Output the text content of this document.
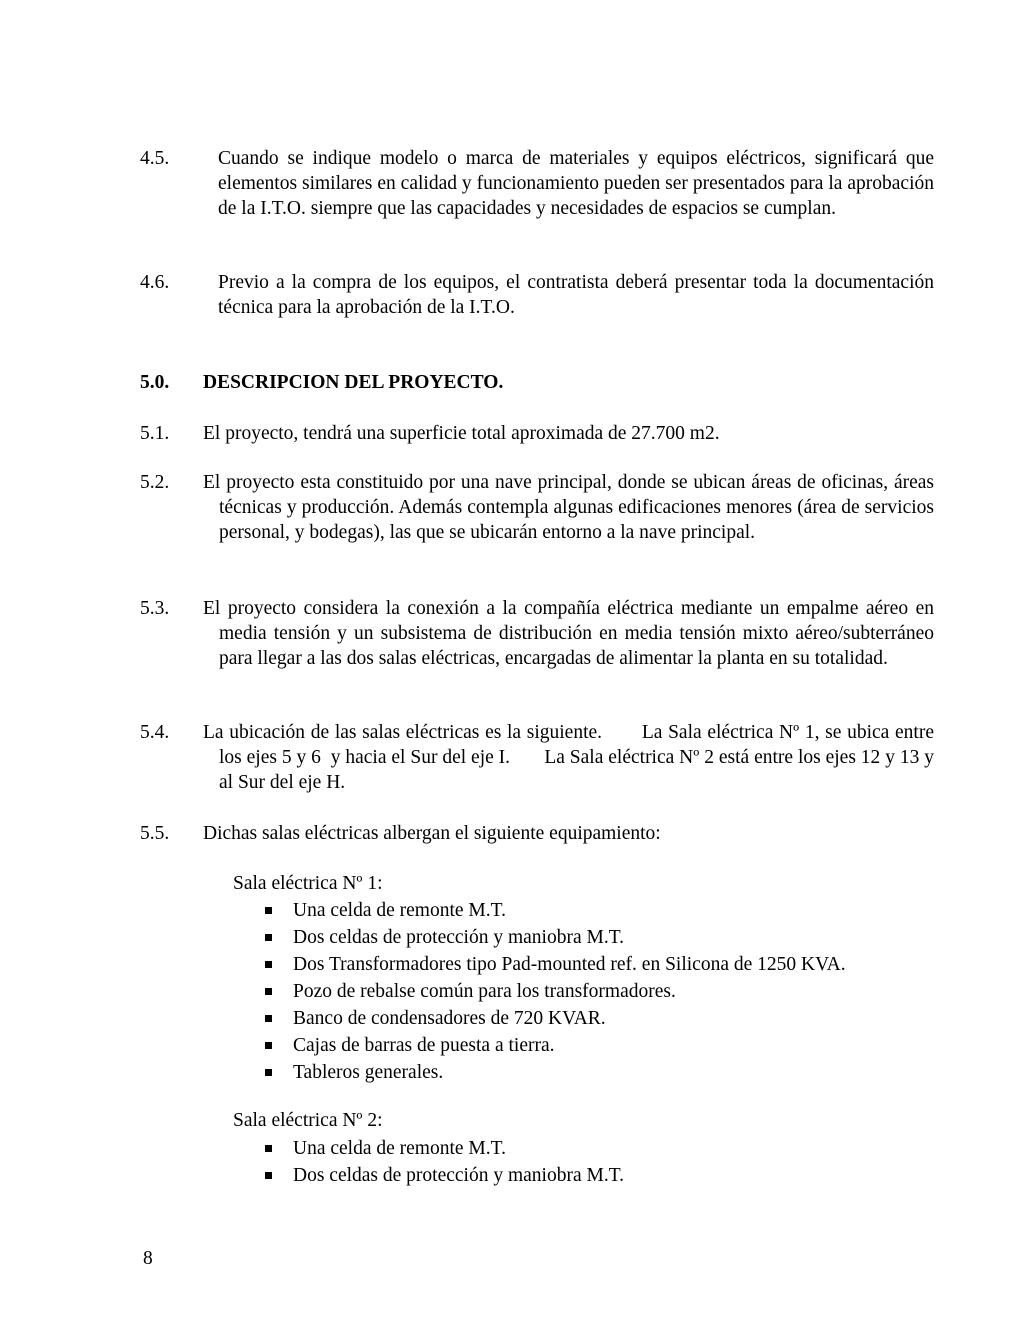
4.5.	Cuando se indique modelo o marca de materiales y equipos eléctricos, significará que elementos similares en calidad y funcionamiento pueden ser presentados para la aprobación de la I.T.O. siempre que las capacidades y necesidades de espacios se cumplan.

4.6.	Previo a la compra de los equipos, el contratista deberá presentar toda la documentación técnica para la aprobación de la I.T.O.

5.0. DESCRIPCION DEL PROYECTO.
5.1. El proyecto, tendrá una superficie total aproximada de 27.700 m2.

5.2. El proyecto esta constituido por una nave principal, donde se ubican áreas de oficinas, áreas técnicas y producción. Además contempla algunas edificaciones menores (área de servicios personal, y bodegas), las que se ubicarán entorno a la nave principal.

5.3. El proyecto considera la conexión a la compañía eléctrica mediante un empalme aéreo en media tensión y un subsistema de distribución en media tensión mixto aéreo/subterráneo para llegar a las dos salas eléctricas, encargadas de alimentar la planta en su totalidad.

5.4. La ubicación de las salas eléctricas es la siguiente.       La Sala eléctrica Nº 1, se ubica entre los ejes 5 y 6  y hacia el Sur del eje I.       La Sala eléctrica Nº 2 está entre los ejes 12 y 13 y al Sur del eje H.

5.5. Dichas salas eléctricas albergan el siguiente equipamiento:

Sala eléctrica Nº 1:
Una celda de remonte M.T.
Dos celdas de protección y maniobra M.T.
Dos Transformadores tipo Pad-mounted ref. en Silicona de 1250 KVA.
Pozo de rebalse común para los transformadores.
Banco de condensadores de 720 KVAR.
Cajas de barras de puesta a tierra.
Tableros generales.
Sala eléctrica Nº 2:
Una celda de remonte M.T.
Dos celdas de protección y maniobra M.T.
8
